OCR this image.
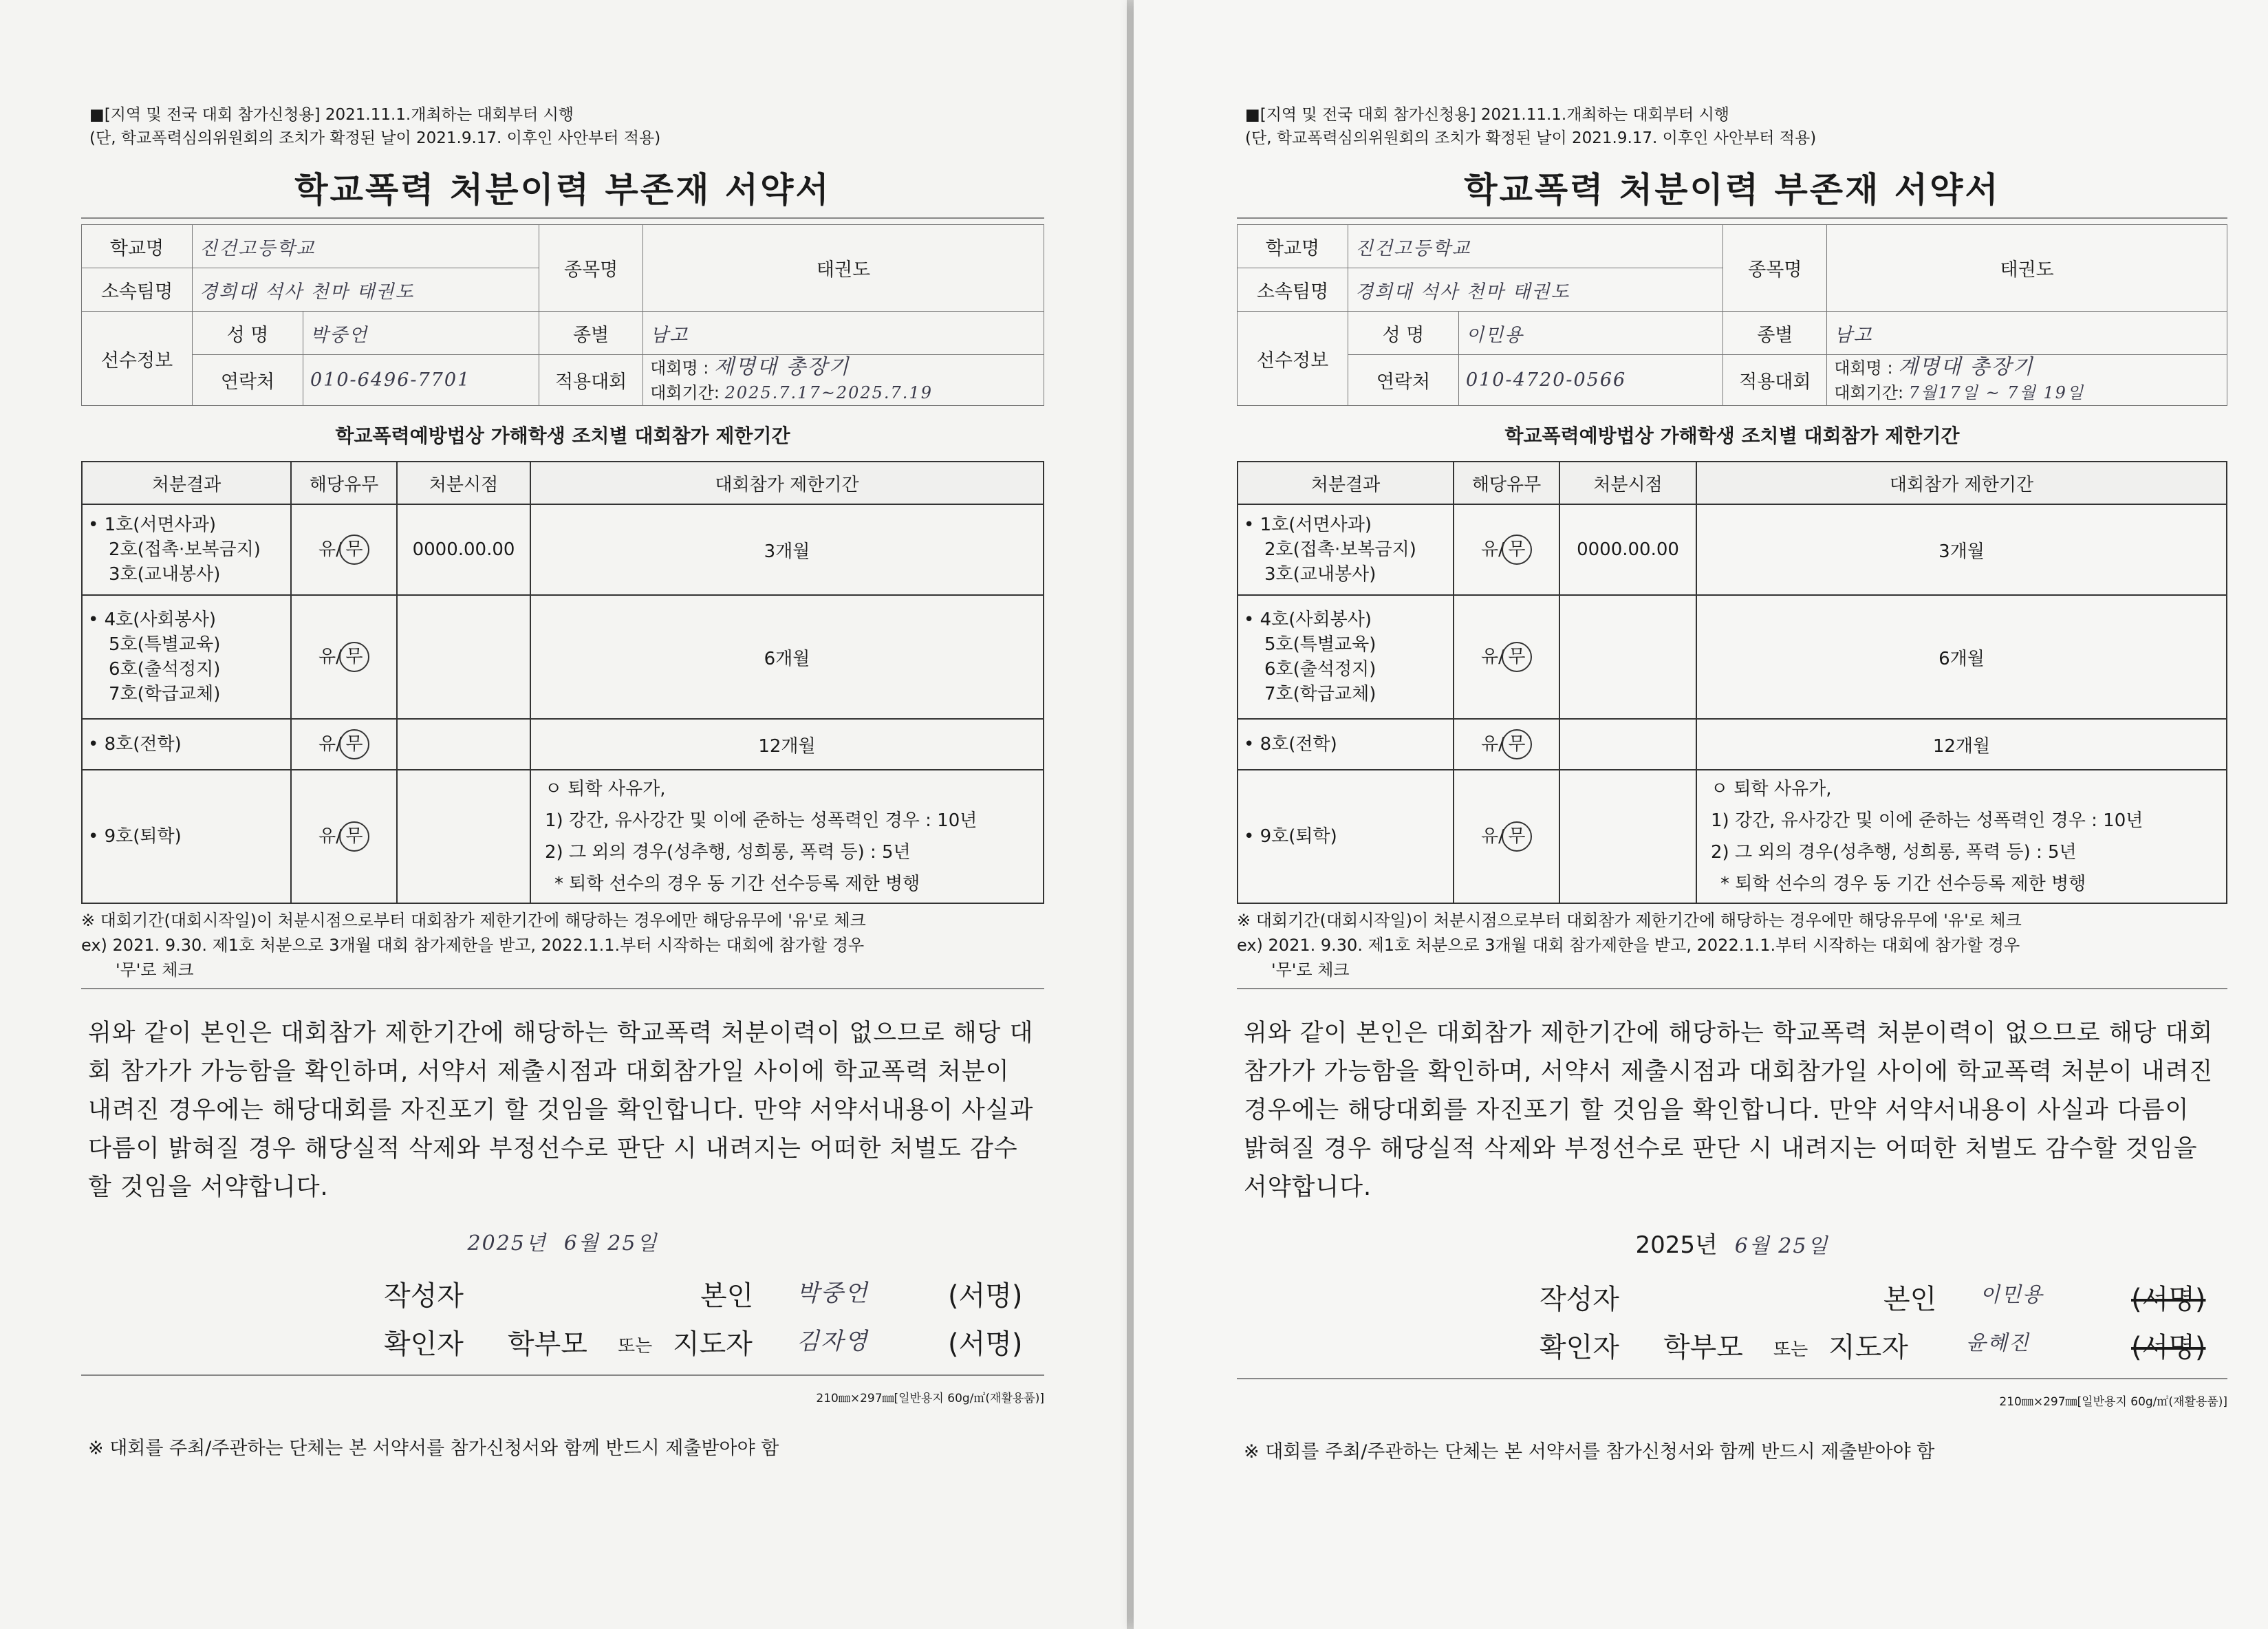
■[지역 및 전국 대회 참가신청용] 2021.11.1.개최하는 대회부터 시행
(단, 학교폭력심의위원회의 조치가 확정된 날이 2021.9.17. 이후인 사안부터 적용)
학교폭력 처분이력 부존재 서약서
학교명	진건고등학교		종목명	태권도
소속팀명	경희대 석사 천마 태권도			
선수정보	성 명	박중언	종별	남고
	연락처	010-6496-7701	적용대회	대회명 : 제명대 총장기
대회기간: 2025.7.17~2025.7.19
학교폭력예방법상 가해학생 조치별 대회참가 제한기간
처분결과	해당유무	처분시점	대회참가 제한기간

• 1호(서면사과)
2호(접촉·보복금지)
3호(교내봉사)	유/ 무	0000.00.00	3개월

• 4호(사회봉사)
5호(특별교육)
6호(출석정지)
7호(학급교체)	유/ 무		6개월
• 8호(전학)	유/ 무		12개월
• 9호(퇴학)	유/ 무		ㅇ 퇴학 사유가,
1) 강간, 유사강간 및 이에 준하는 성폭력인 경우 : 10년
2) 그 외의 경우(성추행, 성희롱, 폭력 등) : 5년
* 퇴학 선수의 경우 동 기간 선수등록 제한 병행
※ 대회기간(대회시작일)이 처분시점으로부터 대회참가 제한기간에 해당하는 경우에만 해당유무에 '유'로 체크
ex) 2021. 9.30. 제1호 처분으로 3개월 대회 참가제한을 받고, 2022.1.1.부터 시작하는 대회에 참가할 경우
'무'로 체크
위와 같이 본인은 대회참가 제한기간에 해당하는 학교폭력 처분이력이 없으므로 해당 대회 참가가 가능함을 확인하며, 서약서 제출시점과 대회참가일 사이에 학교폭력 처분이 내려진 경우에는 해당대회를 자진포기 할 것임을 확인합니다. 만약 서약서내용이 사실과 다름이 밝혀질 경우 해당실적 삭제와 부정선수로 판단 시 내려지는 어떠한 처벌도 감수할 것임을 서약합니다.
2025년 6월 25일
작성자	본인 박중언	(서명)
확인자 학부모 또는 지도자 김자영	(서명)
210㎜×297㎜[일반용지 60g/㎡(재활용품)]
※ 대회를 주최/주관하는 단체는 본 서약서를 참가신청서와 함께 반드시 제출받아야 함
■[지역 및 전국 대회 참가신청용] 2021.11.1.개최하는 대회부터 시행
(단, 학교폭력심의위원회의 조치가 확정된 날이 2021.9.17. 이후인 사안부터 적용)
학교폭력 처분이력 부존재 서약서
학교명	진건고등학교		종목명	태권도
소속팀명	경희대 석사 천마 태권도			
선수정보	성 명	이민용	종별	남고
	연락처	010-4720-0566	적용대회	대회명 : 계명대 총장기
대회기간: 7월17일 ~ 7월 19일
학교폭력예방법상 가해학생 조치별 대회참가 제한기간
처분결과	해당유무	처분시점	대회참가 제한기간

• 1호(서면사과)
2호(접촉·보복금지)
3호(교내봉사)	유/ 무	0000.00.00	3개월

• 4호(사회봉사)
5호(특별교육)
6호(출석정지)
7호(학급교체)	유/ 무		6개월
• 8호(전학)	유/ 무		12개월
• 9호(퇴학)	유/ 무		ㅇ 퇴학 사유가,
1) 강간, 유사강간 및 이에 준하는 성폭력인 경우 : 10년
2) 그 외의 경우(성추행, 성희롱, 폭력 등) : 5년
* 퇴학 선수의 경우 동 기간 선수등록 제한 병행
※ 대회기간(대회시작일)이 처분시점으로부터 대회참가 제한기간에 해당하는 경우에만 해당유무에 '유'로 체크
ex) 2021. 9.30. 제1호 처분으로 3개월 대회 참가제한을 받고, 2022.1.1.부터 시작하는 대회에 참가할 경우
'무'로 체크
위와 같이 본인은 대회참가 제한기간에 해당하는 학교폭력 처분이력이 없으므로 해당 대회 참가가 가능함을 확인하며, 서약서 제출시점과 대회참가일 사이에 학교폭력 처분이 내려진 경우에는 해당대회를 자진포기 할 것임을 확인합니다. 만약 서약서내용이 사실과 다름이 밝혀질 경우 해당실적 삭제와 부정선수로 판단 시 내려지는 어떠한 처벌도 감수할 것임을 서약합니다.
2025년 6월 25일
작성자	본인 이민용	(서명)
확인자 학부모 또는 지도자	윤혜진	(서명)
210㎜×297㎜[일반용지 60g/㎡(재활용품)]
※ 대회를 주최/주관하는 단체는 본 서약서를 참가신청서와 함께 반드시 제출받아야 함
